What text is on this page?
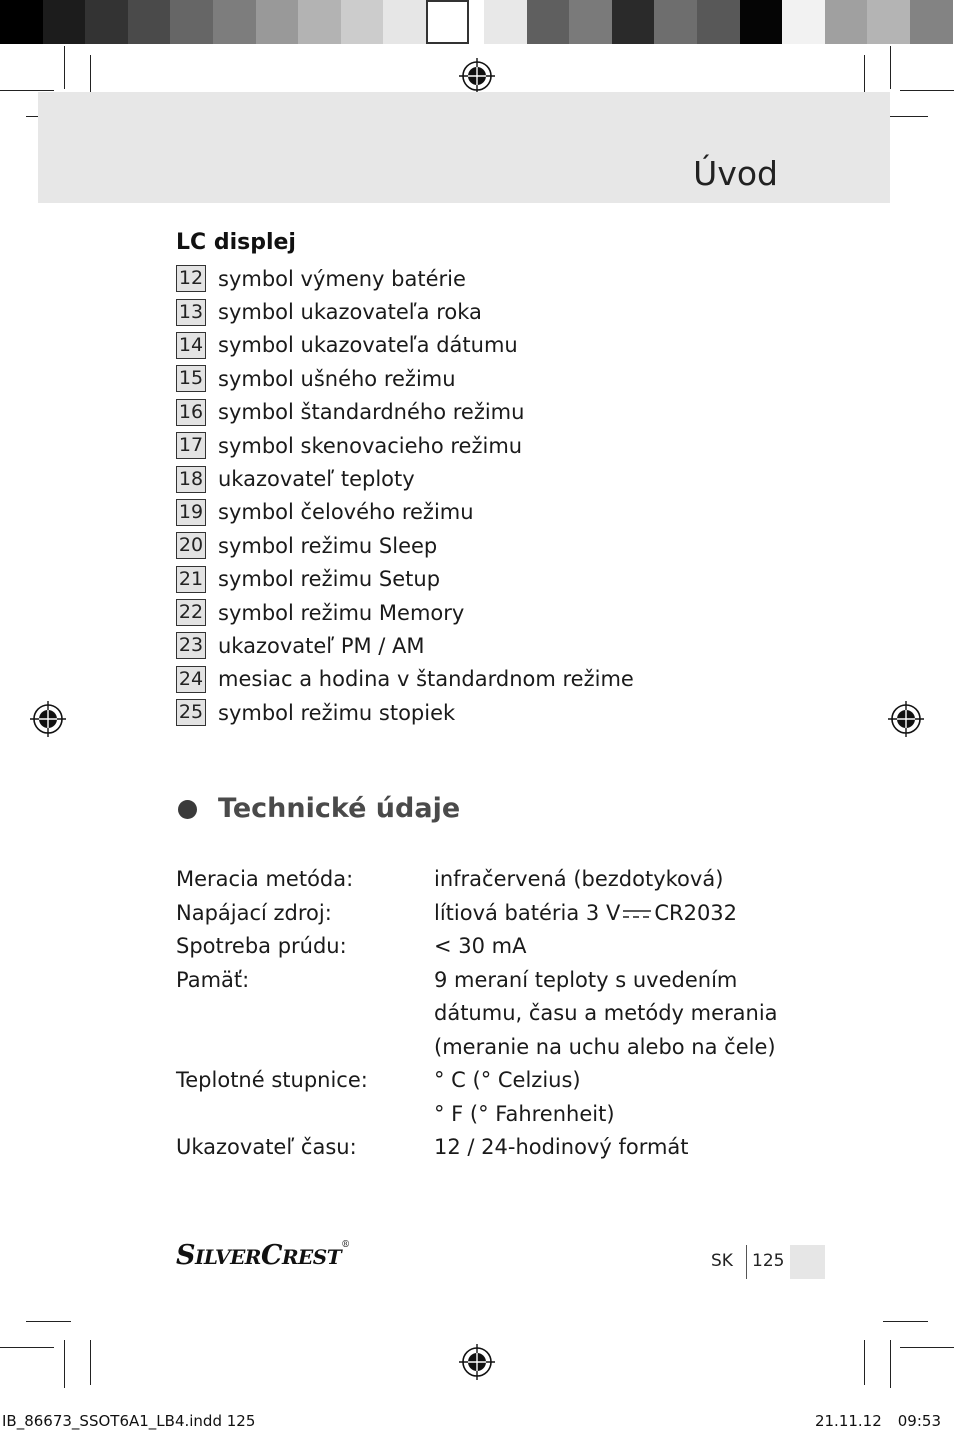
Úvod
LC displej
12 symbol výmeny batérie
13 symbol ukazovateľa roka
14 symbol ukazovateľa dátumu
15 symbol ušného režimu
16 symbol štandardného režimu
17 symbol skenovacieho režimu
18 ukazovateľ teploty
19 symbol čelového režimu
20 symbol režimu Sleep
21 symbol režimu Setup
22 symbol režimu Memory
23 ukazovateľ PM / AM
24 mesiac a hodina v štandardnom režime
25 symbol režimu stopiek
Technické údaje
Meracia metóda:	infračervená (bezdotyková)
Napájací zdroj:	lítiová batéria 3 V CR2032
Spotreba prúdu:	< 30 mA
Pamäť:	9 meraní teploty s uvedením
dátumu, času a metódy merania
(meranie na uchu alebo na čele)
Teplotné stupnice:	° C (° Celzius)
° F (° Fahrenheit)
Ukazovateľ času:	12 / 24-hodinový formát
SILVERCREST®
SK 125
IB_86673_SSOT6A1_LB4.indd 125	21.11.12 09:53
